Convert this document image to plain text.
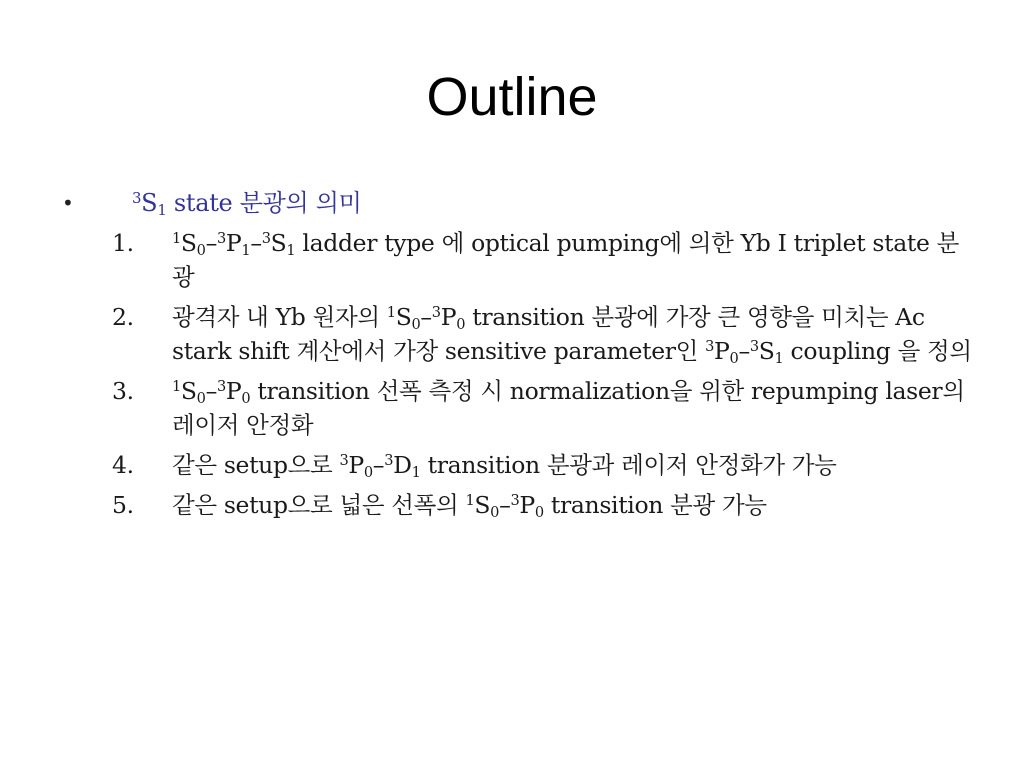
Outline
•	$^3S_1$ state 분광의 의미
1.	$^1S_0-^3P_1-^3S_1$ ladder type 에 optical pumping에 의한 Yb I triplet state 분광
2. 광격자 내 Yb 원자의 $^1S_0-^3P_0$ transition 분광에 가장 큰 영향을 미치는 Ac stark shift 계산에서 가장 sensitive parameter인 $^3P_0-^3S_1$ coupling 을 정의
3.	$^1S_0-^3P_0$ transition 선폭 측정 시 normalization을 위한 repumping laser의 레이저 안정화
4. 같은 setup으로 $^3P_0-^3D_1$ transition 분광과 레이저 안정화가 가능
5. 같은 setup으로 넓은 선폭의 $^1S_0-^3P_0$ transition 분광 가능
